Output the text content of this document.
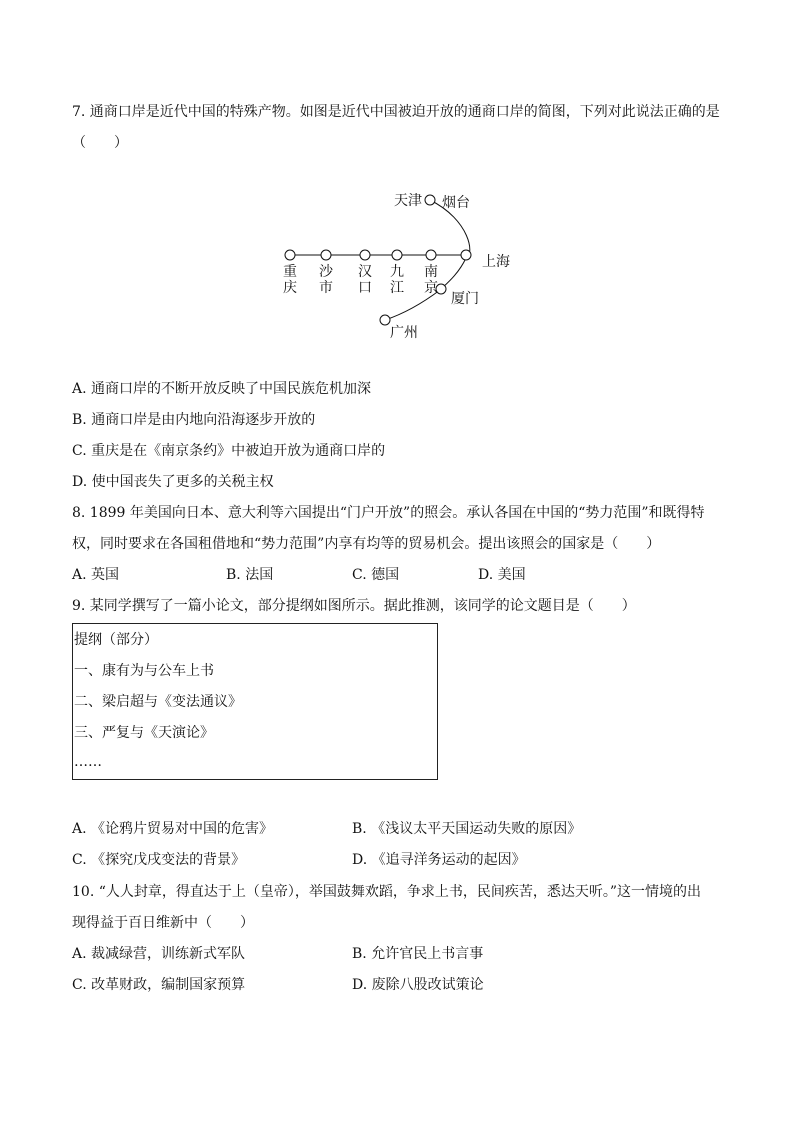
7. 通商口岸是近代中国的特殊产物。如图是近代中国被迫开放的通商口岸的简图，下列对此说法正确的是
（　　）
天津 烟台
上海
重
庆
沙
市
汉
口
九
江
南
京
厦门
广州
A. 通商口岸的不断开放反映了中国民族危机加深
B. 通商口岸是由内地向沿海逐步开放的
C. 重庆是在《南京条约》中被迫开放为通商口岸的
D. 使中国丧失了更多的关税主权
8. 1899 年美国向日本、意大利等六国提出“门户开放”的照会。承认各国在中国的“势力范围”和既得特
权，同时要求在各国租借地和“势力范围”内享有均等的贸易机会。提出该照会的国家是（　　）
A. 英国	B. 法国	C. 德国	D. 美国
9. 某同学撰写了一篇小论文，部分提纲如图所示。据此推测，该同学的论文题目是（　　）
提纲（部分）
一、康有为与公车上书
二、梁启超与《变法通议》
三、严复与《天演论》
……
A. 《论鸦片贸易对中国的危害》	B. 《浅议太平天国运动失败的原因》
C. 《探究戊戌变法的背景》	D. 《追寻洋务运动的起因》
10. “人人封章，得直达于上（皇帝），举国鼓舞欢蹈，争求上书，民间疾苦，悉达天听。”这一情境的出
现得益于百日维新中（　　）
A. 裁减绿营，训练新式军队	B. 允许官民上书言事
C. 改革财政，编制国家预算	D. 废除八股改试策论
